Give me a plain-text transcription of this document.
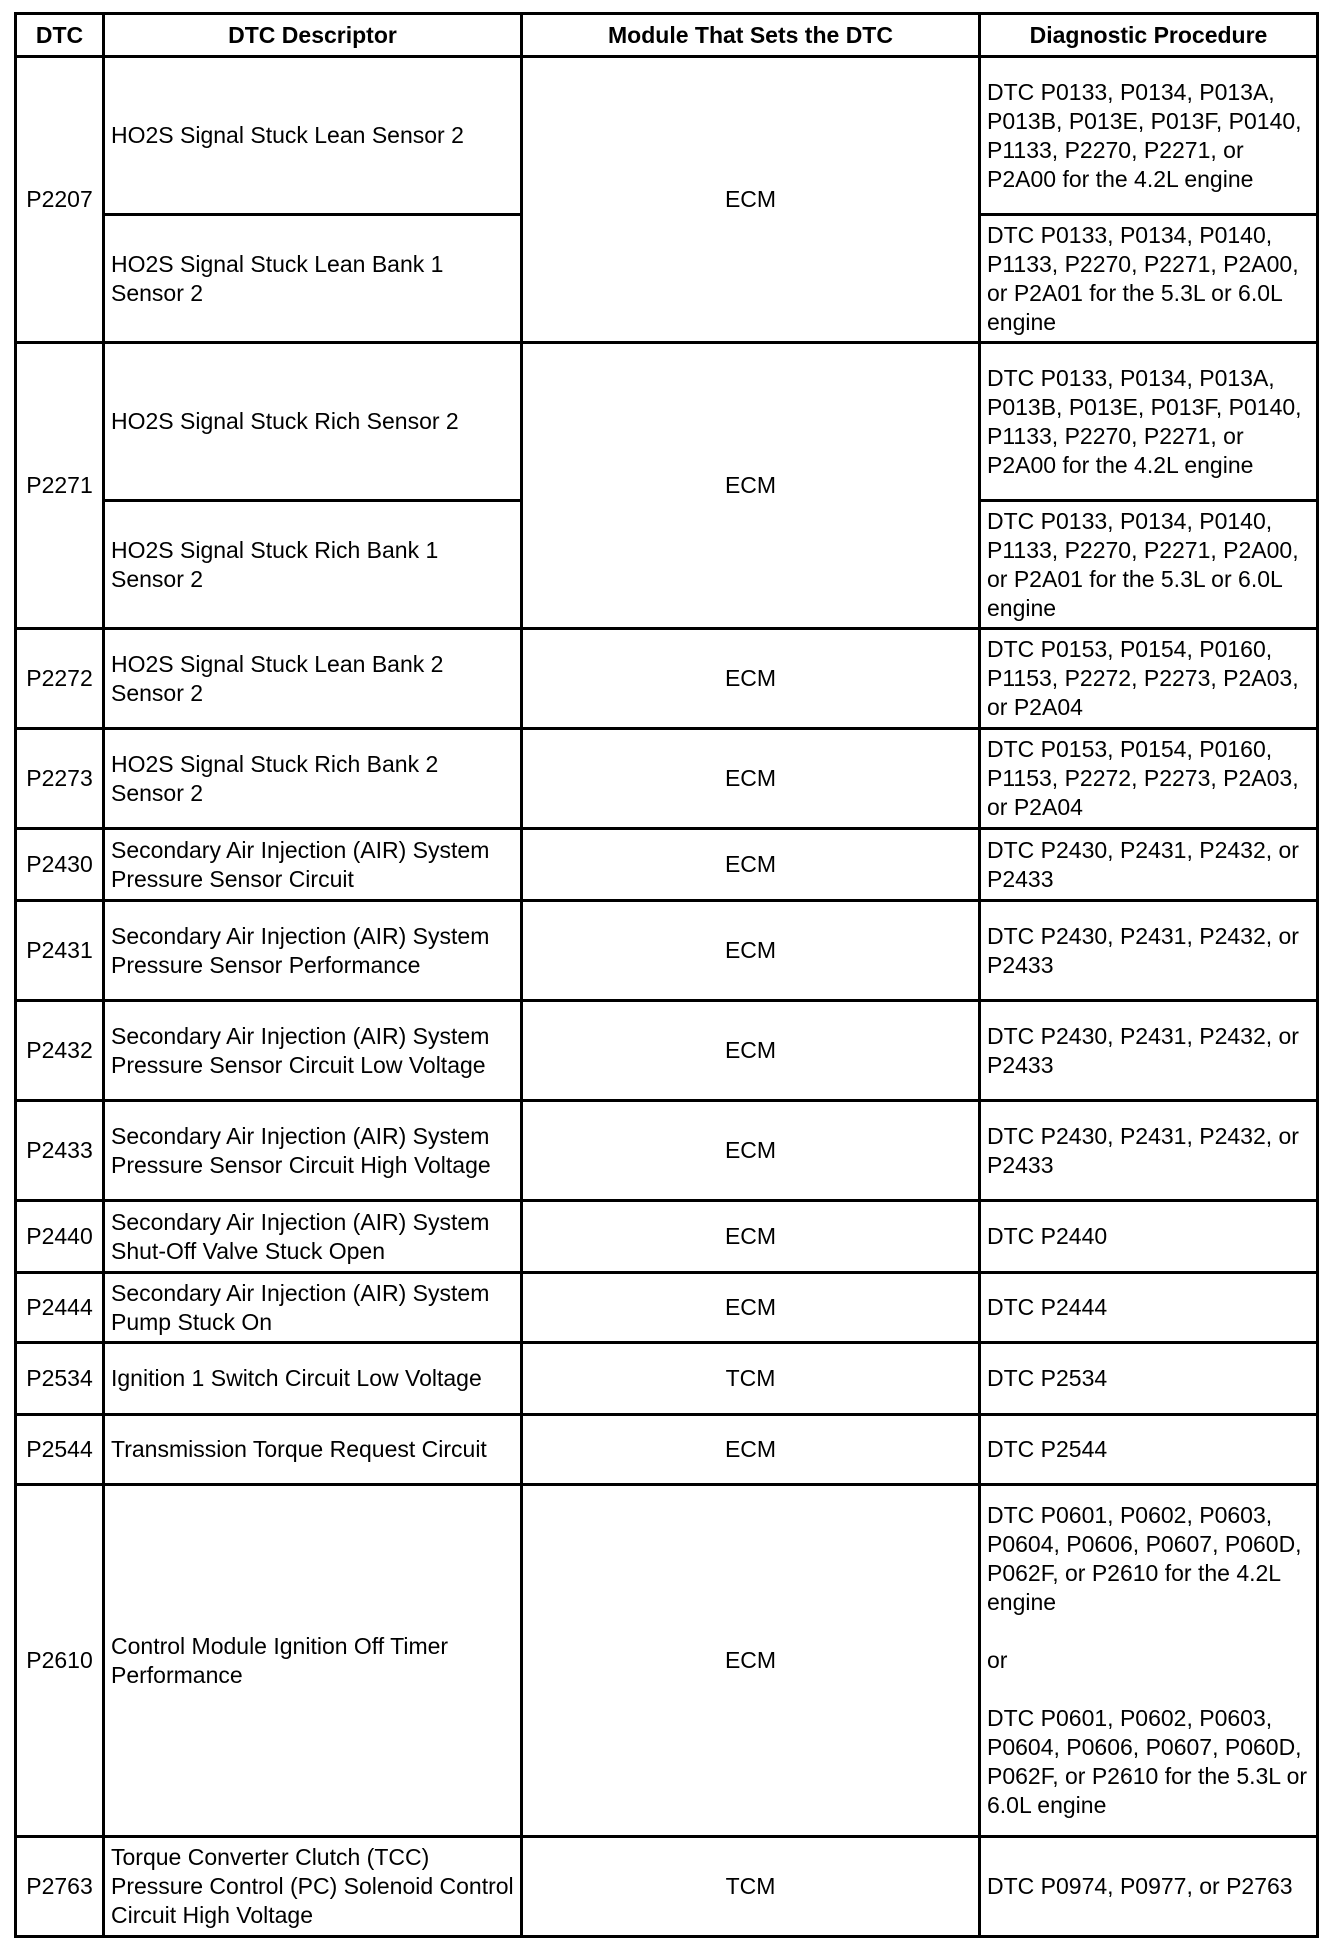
DTC	DTC Descriptor	Module That Sets the DTC	Diagnostic Procedure
P2207	HO2S Signal Stuck Lean Sensor 2	ECM	DTC P0133, P0134, P013A, P013B, P013E, P013F, P0140, P1133, P2270, P2271, or P2A00 for the 4.2L engine
	HO2S Signal Stuck Lean Bank 1 Sensor 2		DTC P0133, P0134, P0140, P1133, P2270, P2271, P2A00, or P2A01 for the 5.3L or 6.0L engine
P2271	HO2S Signal Stuck Rich Sensor 2	ECM	DTC P0133, P0134, P013A, P013B, P013E, P013F, P0140, P1133, P2270, P2271, or P2A00 for the 4.2L engine
	HO2S Signal Stuck Rich Bank 1 Sensor 2		DTC P0133, P0134, P0140, P1133, P2270, P2271, P2A00, or P2A01 for the 5.3L or 6.0L engine
P2272	HO2S Signal Stuck Lean Bank 2 Sensor 2	ECM	DTC P0153, P0154, P0160, P1153, P2272, P2273, P2A03, or P2A04
P2273	HO2S Signal Stuck Rich Bank 2 Sensor 2	ECM	DTC P0153, P0154, P0160, P1153, P2272, P2273, P2A03, or P2A04
P2430	Secondary Air Injection (AIR) System Pressure Sensor Circuit	ECM	DTC P2430, P2431, P2432, or P2433
P2431	Secondary Air Injection (AIR) System Pressure Sensor Performance	ECM	DTC P2430, P2431, P2432, or P2433
P2432	Secondary Air Injection (AIR) System Pressure Sensor Circuit Low Voltage	ECM	DTC P2430, P2431, P2432, or P2433
P2433	Secondary Air Injection (AIR) System Pressure Sensor Circuit High Voltage	ECM	DTC P2430, P2431, P2432, or P2433
P2440	Secondary Air Injection (AIR) System Shut-Off Valve Stuck Open	ECM	DTC P2440
P2444	Secondary Air Injection (AIR) System Pump Stuck On	ECM	DTC P2444
P2534	Ignition 1 Switch Circuit Low Voltage	TCM	DTC P2534
P2544	Transmission Torque Request Circuit	ECM	DTC P2544
P2610	Control Module Ignition Off Timer Performance	ECM	DTC P0601, P0602, P0603, P0604, P0606, P0607, P060D, P062F, or P2610 for the 4.2L engine
or
DTC P0601, P0602, P0603, P0604, P0606, P0607, P060D, P062F, or P2610 for the 5.3L or 6.0L engine

P2763	Torque Converter Clutch (TCC) Pressure Control (PC) Solenoid Control Circuit High Voltage	TCM	DTC P0974, P0977, or P2763
